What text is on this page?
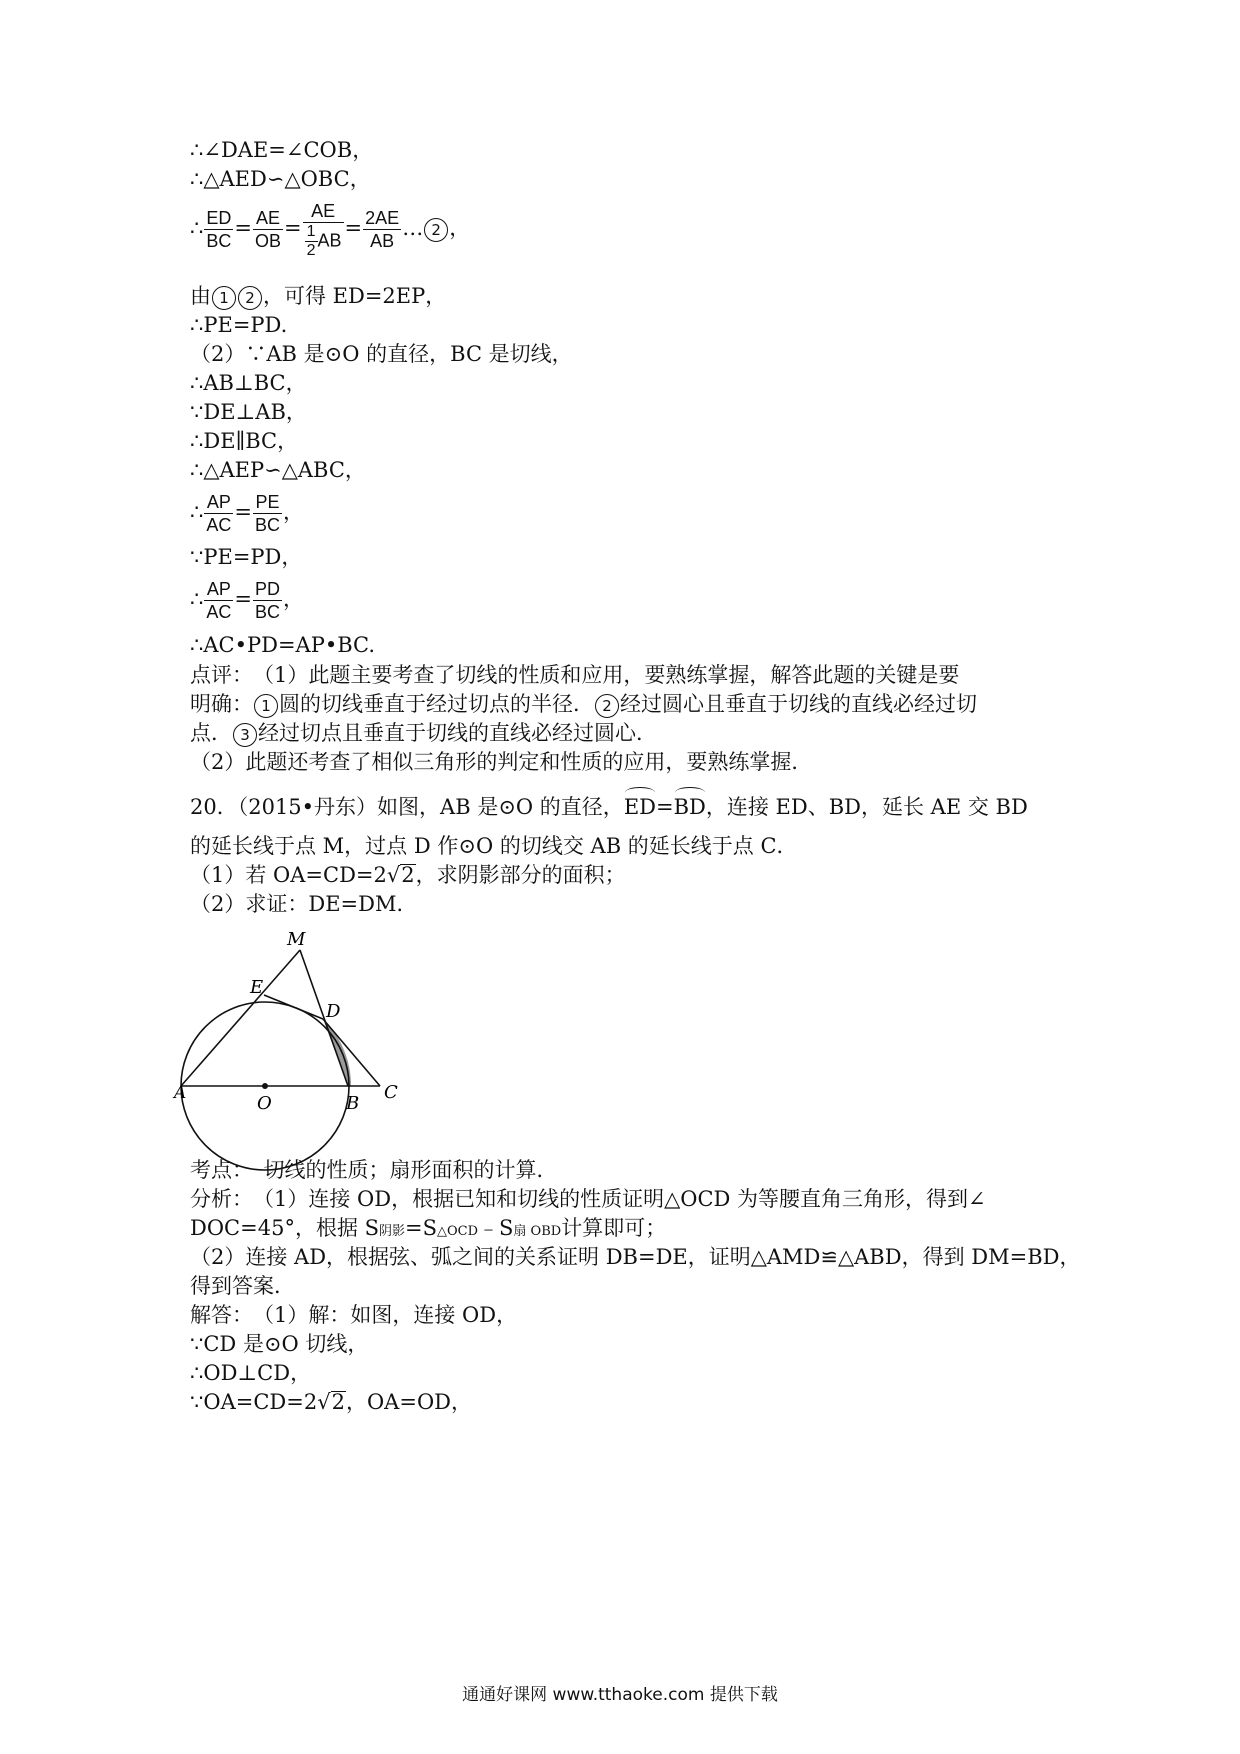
∴∠DAE=∠COB，
∴△AED∽△OBC，
∴ $\frac{ED}{BC} = \frac{AE}{OB} = \frac{AE}{\frac{1}{2} AB} = \frac{2AE}{AB}$ … 2 ，
由 1 2 ，可得 ED=2EP，
∴PE=PD.
（2）∵AB 是⊙O 的直径，BC 是切线，
∴AB⊥BC，
∵DE⊥AB，
∴DE∥BC，
∴△AEP∽△ABC，
∴ $\frac{AP}{AC} = \frac{PE}{BC}$ ，
∵PE=PD，
∴ $\frac{AP}{AC} = \frac{PD}{BC}$ ，
∴AC•PD=AP•BC.
点评：　（1）此题主要考查了切线的性质和应用，要熟练掌握，解答此题的关键是要
明确： 1 圆的切线垂直于经过切点的半径． 2 经过圆心且垂直于切线的直线必经过切
点． 3 经过切点且垂直于切线的直线必经过圆心．
（2）此题还考查了相似三角形的判定和性质的应用，要熟练掌握．
20．（2015•丹东）如图，AB 是⊙O 的直径，ED=BD，连接 ED、BD，延长 AE 交 BD
的延长线于点 M，过点 D 作⊙O 的切线交 AB 的延长线于点 C．
（1）若 OA=CD=2√2，求阴影部分的面积；
（2）求证：DE=DM．
M
E
D
A	O	B
C
考点：　切线的性质；扇形面积的计算．
分析：　（1）连接 OD，根据已知和切线的性质证明△OCD 为等腰直角三角形，得到∠
DOC=45°，根据 S阴影=S△OCD﹣S扇 OBD计算即可；
（2）连接 AD，根据弦、弧之间的关系证明 DB=DE，证明△AMD≌△ABD，得到 DM=BD，
得到答案．
解答：　（1）解：如图，连接 OD，
∵CD 是⊙O 切线，
∴OD⊥CD，
∵OA=CD=2√2，OA=OD，
通通好课网 www.tthaoke.com 提供下载
